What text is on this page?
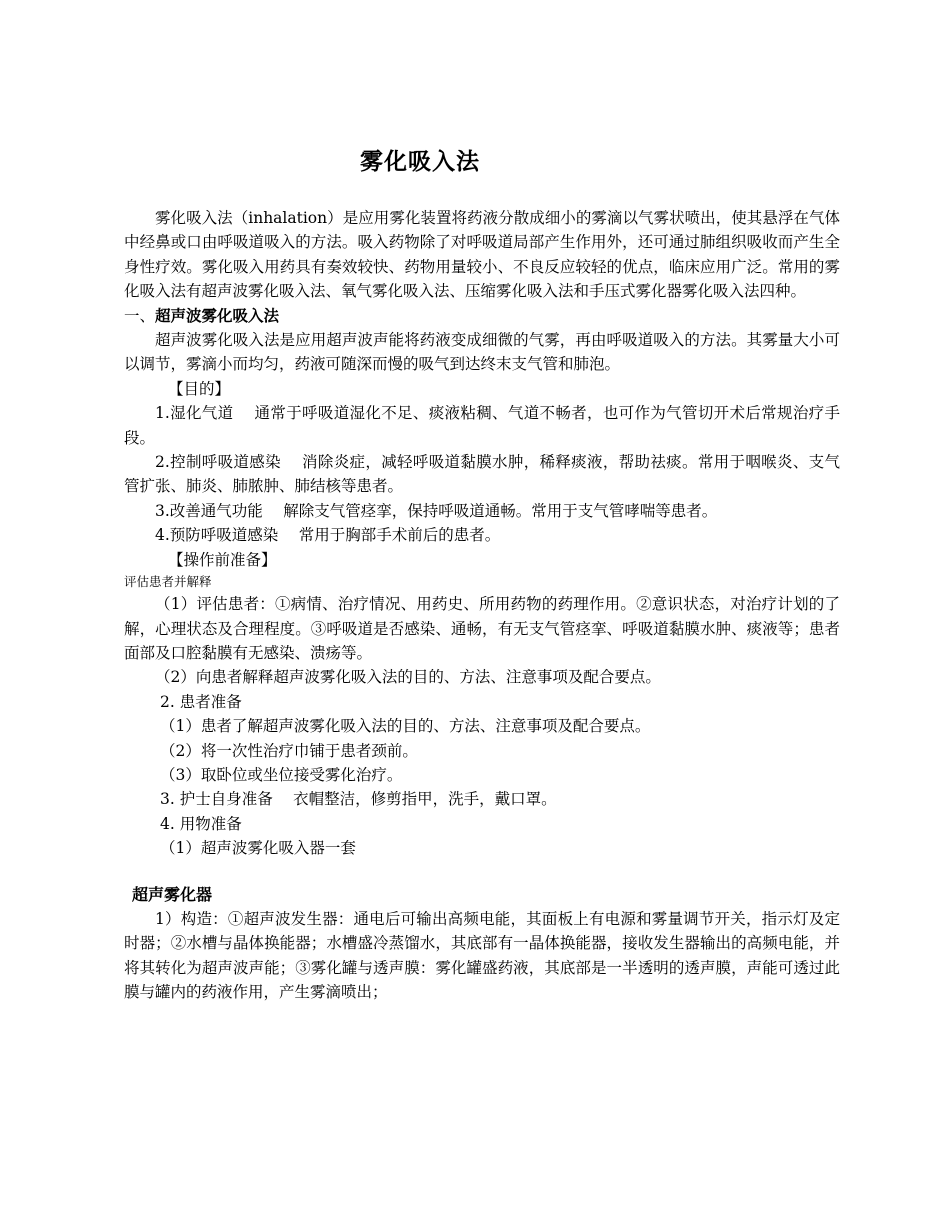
雾化吸入法

雾化吸入法（inhalation）是应用雾化装置将药液分散成细小的雾滴以气雾状喷出，使其悬浮在气体中经鼻或口由呼吸道吸入的方法。吸入药物除了对呼吸道局部产生作用外，还可通过肺组织吸收而产生全身性疗效。雾化吸入用药具有奏效较快、药物用量较小、不良反应较轻的优点，临床应用广泛。常用的雾化吸入法有超声波雾化吸入法、氧气雾化吸入法、压缩雾化吸入法和手压式雾化器雾化吸入法四种。

一、超声波雾化吸入法

超声波雾化吸入法是应用超声波声能将药液变成细微的气雾，再由呼吸道吸入的方法。其雾量大小可以调节，雾滴小而均匀，药液可随深而慢的吸气到达终末支气管和肺泡。

【目的】

1.湿化气道　 通常于呼吸道湿化不足、痰液粘稠、气道不畅者，也可作为气管切开术后常规治疗手段。

2.控制呼吸道感染　 消除炎症，减轻呼吸道黏膜水肿，稀释痰液，帮助祛痰。常用于咽喉炎、支气管扩张、肺炎、肺脓肿、肺结核等患者。

3.改善通气功能　 解除支气管痉挛，保持呼吸道通畅。常用于支气管哮喘等患者。

4.预防呼吸道感染　 常用于胸部手术前后的患者。

【操作前准备】

评估患者并解释

（1）评估患者：①病情、治疗情况、用药史、所用药物的药理作用。②意识状态，对治疗计划的了解，心理状态及合理程度。③呼吸道是否感染、通畅，有无支气管痉挛、呼吸道黏膜水肿、痰液等；患者面部及口腔黏膜有无感染、溃疡等。

（2）向患者解释超声波雾化吸入法的目的、方法、注意事项及配合要点。

2. 患者准备

（1）患者了解超声波雾化吸入法的目的、方法、注意事项及配合要点。

（2）将一次性治疗巾铺于患者颈前。

（3）取卧位或坐位接受雾化治疗。

3. 护士自身准备　 衣帽整洁，修剪指甲，洗手，戴口罩。

4. 用物准备

（1）超声波雾化吸入器一套

超声雾化器

1）构造：①超声波发生器：通电后可输出高频电能，其面板上有电源和雾量调节开关，指示灯及定时器；②水槽与晶体换能器；水槽盛冷蒸馏水，其底部有一晶体换能器，接收发生器输出的高频电能，并将其转化为超声波声能；③雾化罐与透声膜：雾化罐盛药液，其底部是一半透明的透声膜，声能可透过此膜与罐内的药液作用，产生雾滴喷出；
